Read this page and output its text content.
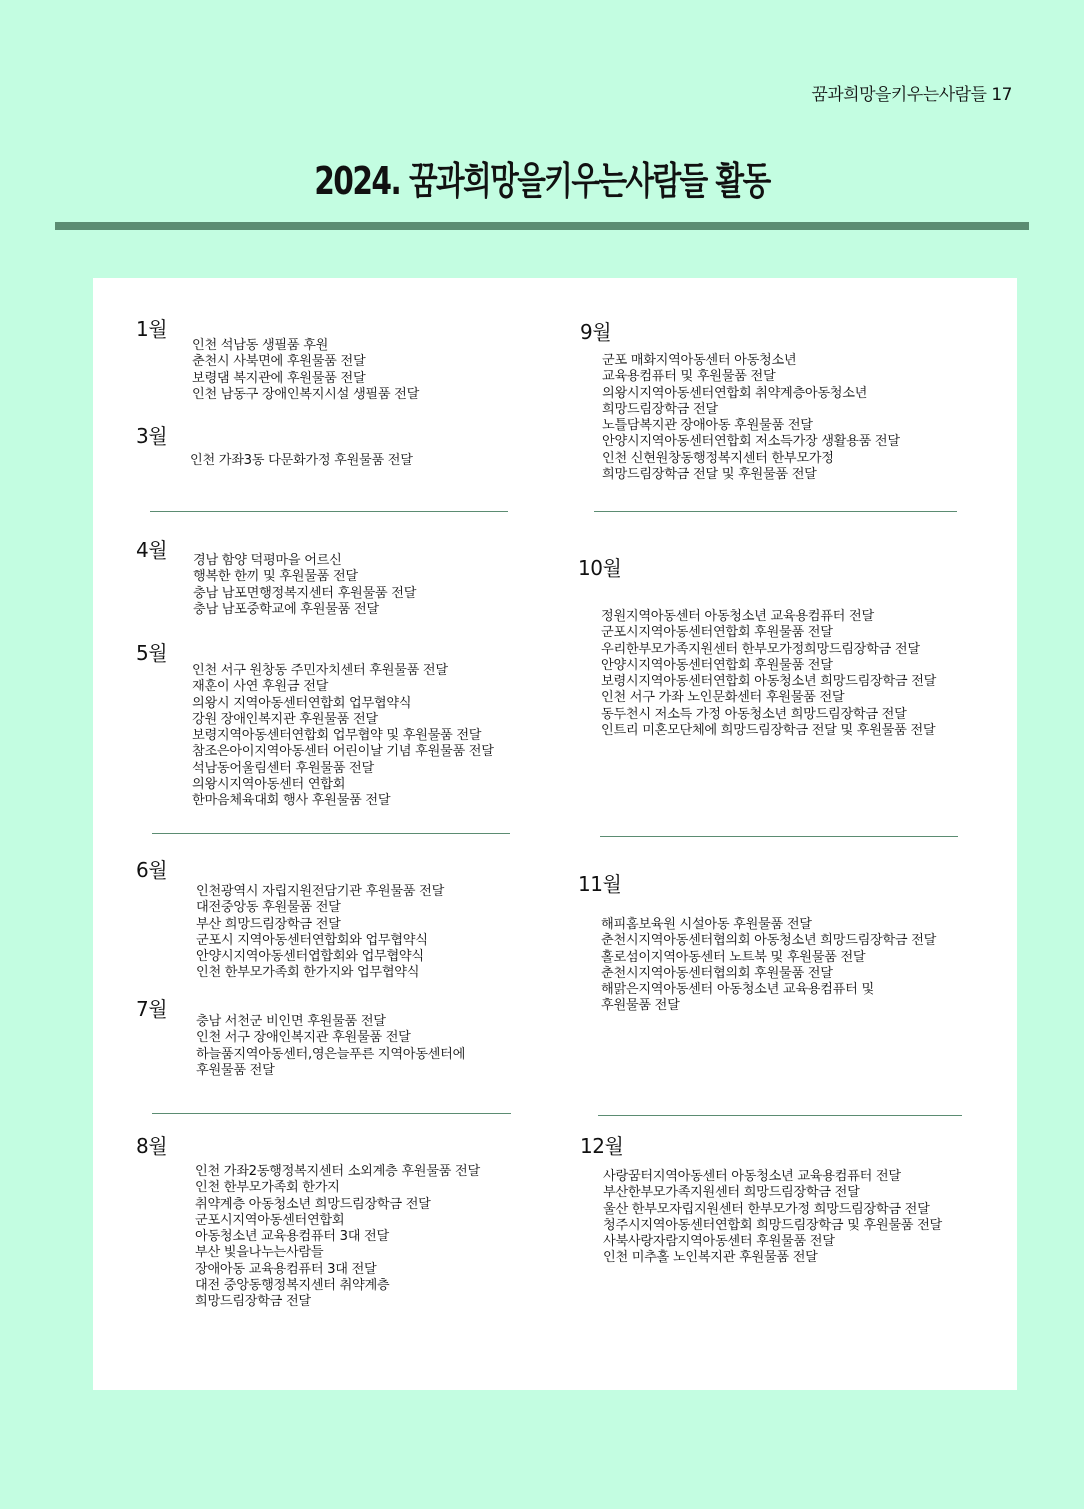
꿈과희망을키우는사람들 17
2024. 꿈과희망을키우는사람들 활동
1월
인천 석남동 생필품 후원
춘천시 사북면에 후원물품 전달
보령댐 복지관에 후원물품 전달
인천 남동구 장애인복지시설 생필품 전달
3월
인천 가좌3동 다문화가정 후원물품 전달
4월 경남 함양 덕평마을 어르신
행복한 한끼 및 후원물품 전달
충남 남포면행정복지센터 후원물품 전달
충남 남포중학교에 후원물품 전달
5월
인천 서구 원창동 주민자치센터 후원물품 전달
재훈이 사연 후원금 전달
의왕시 지역아동센터연합회 업무협약식
강원 장애인복지관 후원물품 전달
보령지역아동센터연합회 업무협약 및 후원물품 전달
참조은아이지역아동센터 어린이날 기념 후원물품 전달
석남동어울림센터 후원물품 전달
의왕시지역아동센터 연합회
한마음체육대회 행사 후원물품 전달
6월
인천광역시 자립지원전담기관 후원물품 전달
대전중앙동 후원물품 전달
부산 희망드림장학금 전달
군포시 지역아동센터연합회와 업무협약식
안양시지역아동센터엽합회와 업무협약식
인천 한부모가족회 한가지와 업무협약식
7월
충남 서천군 비인면 후원물품 전달
인천 서구 장애인복지관 후원물품 전달
하늘품지역아동센터,영은늘푸른 지역아동센터에
후원물품 전달
8월
인천 가좌2동행정복지센터 소외계층 후원물품 전달
인천 한부모가족회 한가지
취약계층 아동청소년 희망드림장학금 전달
군포시지역아동센터연합회
아동청소년 교육용컴퓨터 3대 전달
부산 빛을나누는사람들
장애아동 교육용컴퓨터 3대 전달
대전 중앙동행정복지센터 취약계층
희망드림장학금 전달
9월
군포 매화지역아동센터 아동청소년
교육용컴퓨터 및 후원물품 전달
의왕시지역아동센터연합회 취약계층아동청소년
희망드림장학금 전달
노틀담복지관 장애아동 후원물품 전달
안양시지역아동센터연합회 저소득가장 생활용품 전달
인천 신현원창동행정복지센터 한부모가정
희망드림장학금 전달 및 후원물품 전달
10월
정원지역아동센터 아동청소년 교육용컴퓨터 전달
군포시지역아동센터연합회 후원물품 전달
우리한부모가족지원센터 한부모가정희망드림장학금 전달
안양시지역아동센터연합회 후원물품 전달
보령시지역아동센터연합회 아동청소년 희망드림장학금 전달
인천 서구 가좌 노인문화센터 후원물품 전달
동두천시 저소득 가정 아동청소년 희망드림장학금 전달
인트리 미혼모단체에 희망드림장학금 전달 및 후원물품 전달
11월
해피홈보육원 시설아동 후원물품 전달
춘천시지역아동센터협의회 아동청소년 희망드림장학금 전달
홀로섬이지역아동센터 노트북 및 후원물품 전달
춘천시지역아동센터협의회 후원물품 전달
해맑은지역아동센터 아동청소년 교육용컴퓨터 및
후원물품 전달
12월
사랑꿈터지역아동센터 아동청소년 교육용컴퓨터 전달
부산한부모가족지원센터 희망드림장학금 전달
울산 한부모자립지원센터 한부모가정 희망드림장학금 전달
청주시지역아동센터연합회 희망드림장학금 및 후원물품 전달
사북사랑자람지역아동센터 후원물품 전달
인천 미추홀 노인복지관 후원물품 전달
